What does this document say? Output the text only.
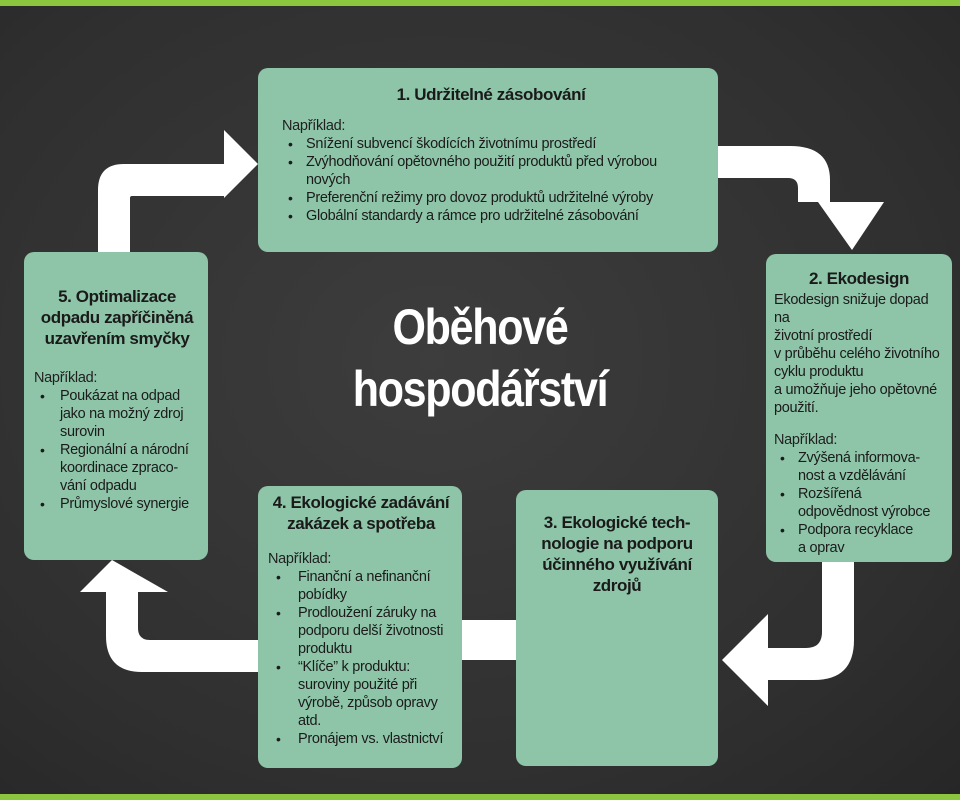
1. Udržitelné zásobování
Například:
• Snížení subvencí škodících životnímu prostředí
• Zvýhodňování opětovného použití produktů před výrobou nových
• Preferenční režimy pro dovoz produktů udržitelné výroby
• Globální standardy a rámce pro udržitelné zásobování
2. Ekodesign
Ekodesign snižuje dopad na
životní prostředí
v průběhu celého životního
cyklu produktu
a umožňuje jeho opětovné
použití.
Například:
• Zvýšená informova-
nost a vzdělávání
• Rozšířená
odpovědnost výrobce
• Podpora recyklace
a oprav
3. Ekologické tech-
nologie na podporu
účinného využívání
zdrojů
4. Ekologické zadávání
zakázek a spotřeba
Například:
• Finanční a nefinanční
pobídky
• Prodloužení záruky na
podporu delší životnosti
produktu
• “Klíče” k produktu:
suroviny použité při
výrobě, způsob opravy
atd.
• Pronájem vs. vlastnictví
5. Optimalizace
odpadu zapříčiněná
uzavřením smyčky
Například:
• Poukázat na odpad
jako na možný zdroj
surovin
• Regionální a národní
koordinace zpraco-
vání odpadu
• Průmyslové synergie
Oběhové
hospodářství
